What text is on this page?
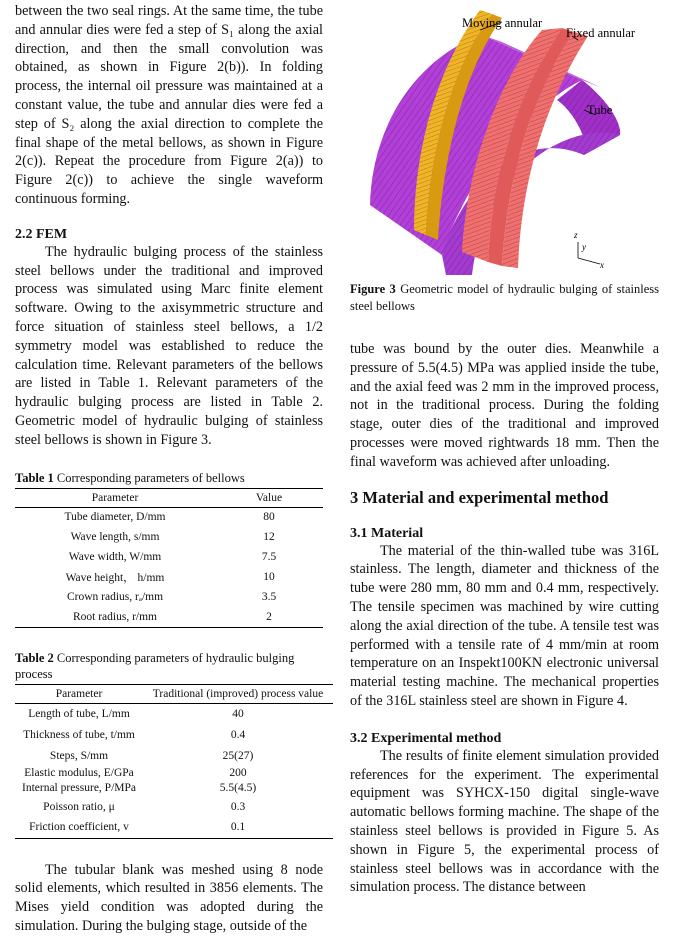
between the two seal rings. At the same time, the tube and annular dies were fed a step of S₁ along the axial direction, and then the small convolution was obtained, as shown in Figure 2(b)). In folding process, the internal oil pressure was maintained at a constant value, the tube and annular dies were fed a step of S₂ along the axial direction to complete the final shape of the metal bellows, as shown in Figure 2(c)). Repeat the procedure from Figure 2(a)) to Figure 2(c)) to achieve the single waveform continuous forming.

2.2 FEM

The hydraulic bulging process of the stainless steel bellows under the traditional and improved process was simulated using Marc finite element software. Owing to the axisymmetric structure and force situation of stainless steel bellows, a 1/2 symmetry model was established to reduce the calculation time. Relevant parameters of the bellows are listed in Table 1. Relevant parameters of the hydraulic bulging process are listed in Table 2. Geometric model of hydraulic bulging of stainless steel bellows is shown in Figure 3.

Table 1 Corresponding parameters of bellows

Parameter	Value
Tube diameter, D/mm	80
Wave length, s/mm	12
Wave width, W/mm	7.5
Wave height， h/mm	10
Crown radius, rₐ/mm	3.5
Root radius, r/mm	2

Table 2 Corresponding parameters of hydraulic bulging process

Parameter	Traditional (improved) process value
Length of tube, L/mm	40
Thickness of tube, t/mm	0.4
Steps, S/mm	25(27)
Elastic modulus, E/GPa	200
Internal pressure, P/MPa	5.5(4.5)
Poisson ratio, μ	0.3
Friction coefficient, v	0.1

The tubular blank was meshed using 8 node solid elements, which resulted in 3856 elements. The Mises yield condition was adopted during the simulation. During the bulging stage, outside of the

Moving annular
Fixed annular
Tube
z
y
x

Figure 3 Geometric model of hydraulic bulging of stainless steel bellows

tube was bound by the outer dies. Meanwhile a pressure of 5.5(4.5) MPa was applied inside the tube, and the axial feed was 2 mm in the improved process, not in the traditional process. During the folding stage, outer dies of the traditional and improved processes were moved rightwards 18 mm. Then the final waveform was achieved after unloading.

3 Material and experimental method

3.1 Material

The material of the thin-walled tube was 316L stainless. The length, diameter and thickness of the tube were 280 mm, 80 mm and 0.4 mm, respectively. The tensile specimen was machined by wire cutting along the axial direction of the tube. A tensile test was performed with a tensile rate of 4 mm/min at room temperature on an Inspekt100KN electronic universal material testing machine. The mechanical properties of the 316L stainless steel are shown in Figure 4.

3.2 Experimental method

The results of finite element simulation provided references for the experiment. The experimental equipment was SYHCX-150 digital single-wave automatic bellows forming machine. The shape of the stainless steel bellows is provided in Figure 5. As shown in Figure 5, the experimental process of stainless steel bellows was in accordance with the simulation process. The distance between
